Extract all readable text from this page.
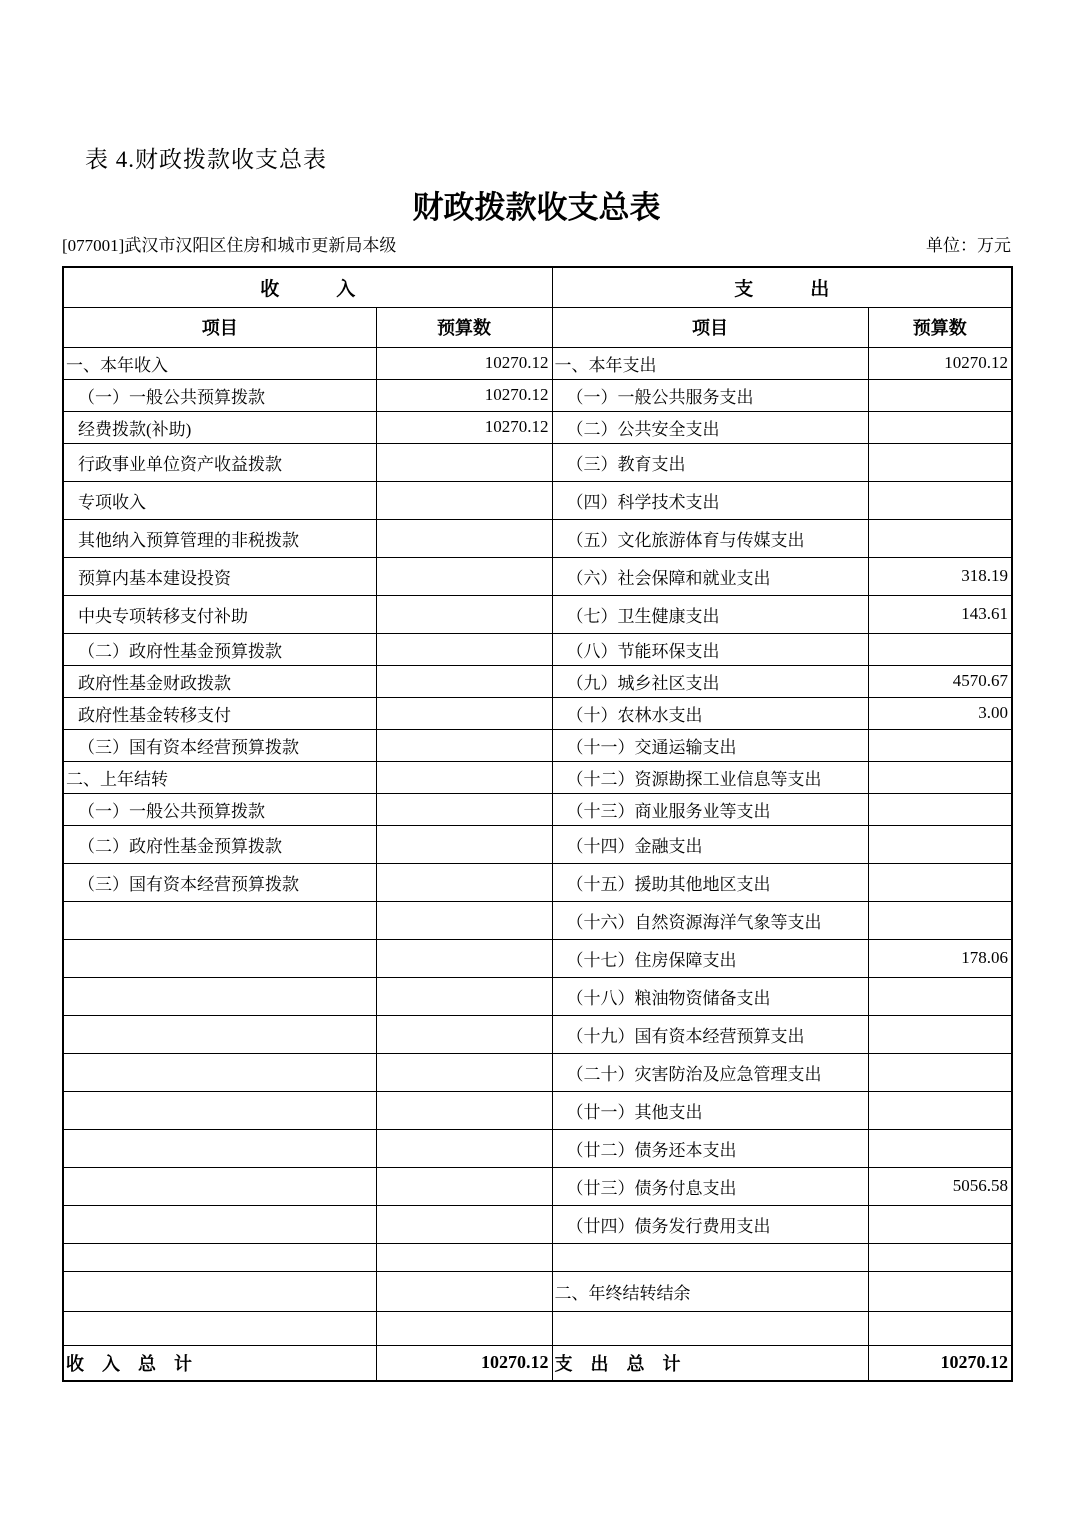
表 4.财政拨款收支总表
财政拨款收支总表
[077001]武汉市汉阳区住房和城市更新局本级	单位：万元
收　　　入		支　　　出	
项目	预算数	项目	预算数
一、本年收入	10270.12	一、本年支出	10270.12
（一）一般公共预算拨款	10270.12	（一）一般公共服务支出	
经费拨款(补助)	10270.12	（二）公共安全支出	
行政事业单位资产收益拨款		（三）教育支出	
专项收入		（四）科学技术支出	
其他纳入预算管理的非税拨款		（五）文化旅游体育与传媒支出	
预算内基本建设投资		（六）社会保障和就业支出	318.19
中央专项转移支付补助		（七）卫生健康支出	143.61
（二）政府性基金预算拨款		（八）节能环保支出	
政府性基金财政拨款		（九）城乡社区支出	4570.67
政府性基金转移支付		（十）农林水支出	3.00
（三）国有资本经营预算拨款		（十一）交通运输支出	
二、上年结转		（十二）资源勘探工业信息等支出	
（一）一般公共预算拨款		（十三）商业服务业等支出	
（二）政府性基金预算拨款		（十四）金融支出	
（三）国有资本经营预算拨款		（十五）援助其他地区支出	
		（十六）自然资源海洋气象等支出	
		（十七）住房保障支出	178.06
		（十八）粮油物资储备支出	
		（十九）国有资本经营预算支出	
		（二十）灾害防治及应急管理支出	
		（廿一）其他支出	
		（廿二）债务还本支出	
		（廿三）债务付息支出	5056.58
		（廿四）债务发行费用支出	

		二、年终结转结余	

收　入　总　计	10270.12	支　出　总　计	10270.12
